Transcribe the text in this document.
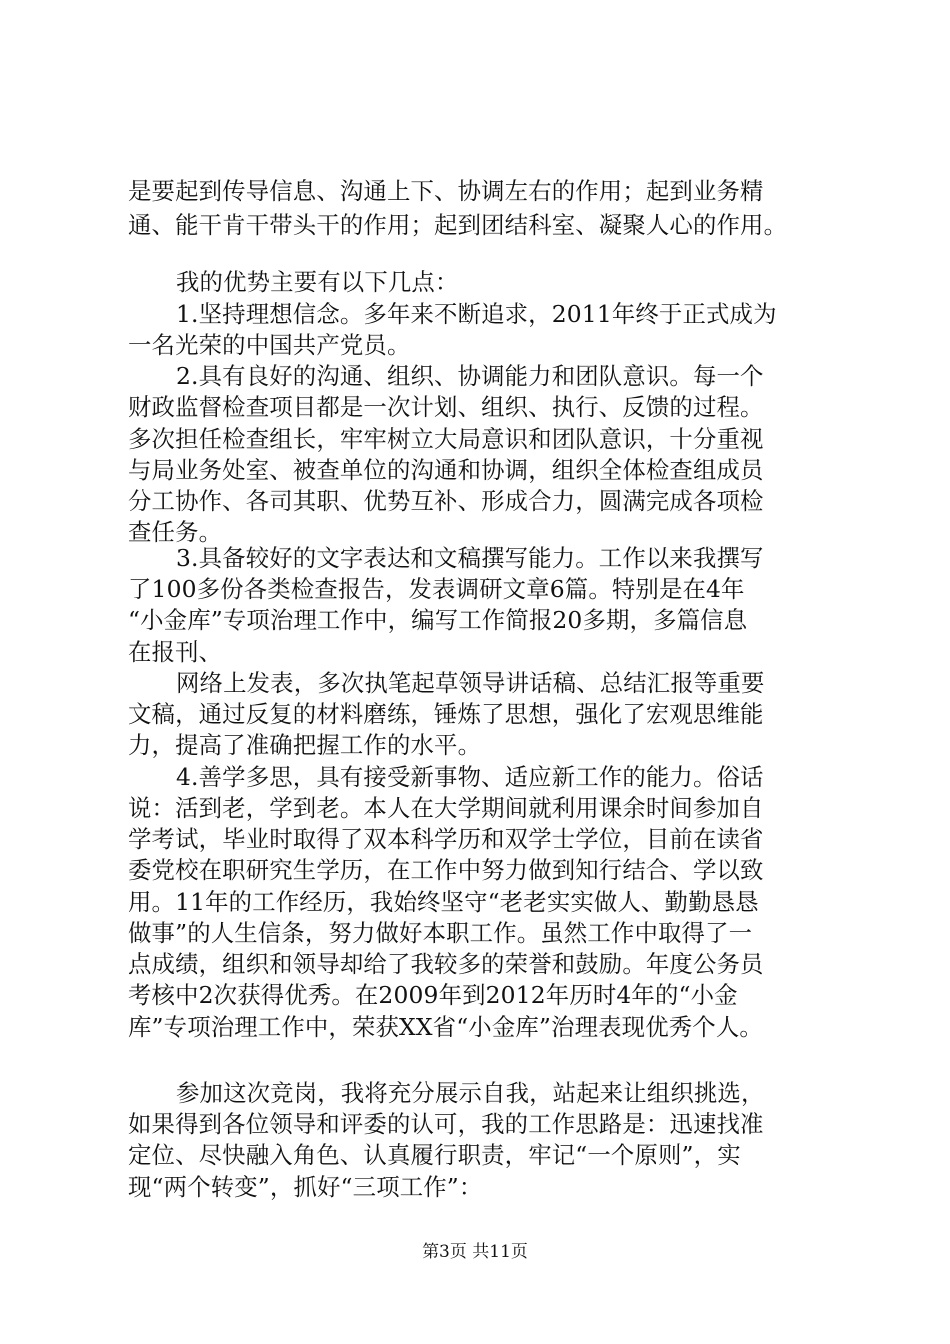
是要起到传导信息、沟通上下、协调左右的作用；起到业务精
通、能干肯干带头干的作用；起到团结科室、凝聚人心的作用。
我的优势主要有以下几点：
1.坚持理想信念。多年来不断追求，2011年终于正式成为
一名光荣的中国共产党员。
2.具有良好的沟通、组织、协调能力和团队意识。每一个
财政监督检查项目都是一次计划、组织、执行、反馈的过程。
多次担任检查组长，牢牢树立大局意识和团队意识，十分重视
与局业务处室、被查单位的沟通和协调，组织全体检查组成员
分工协作、各司其职、优势互补、形成合力，圆满完成各项检
查任务。
3.具备较好的文字表达和文稿撰写能力。工作以来我撰写
了100多份各类检查报告，发表调研文章6篇。特别是在4年
“小金库”专项治理工作中，编写工作简报20多期，多篇信息
在报刊、
网络上发表，多次执笔起草领导讲话稿、总结汇报等重要
文稿，通过反复的材料磨练，锤炼了思想，强化了宏观思维能
力，提高了准确把握工作的水平。
4.善学多思，具有接受新事物、适应新工作的能力。俗话
说：活到老，学到老。本人在大学期间就利用课余时间参加自
学考试，毕业时取得了双本科学历和双学士学位，目前在读省
委党校在职研究生学历，在工作中努力做到知行结合、学以致
用。11年的工作经历，我始终坚守“老老实实做人、勤勤恳恳
做事”的人生信条，努力做好本职工作。虽然工作中取得了一
点成绩，组织和领导却给了我较多的荣誉和鼓励。年度公务员
考核中2次获得优秀。在2009年到2012年历时4年的“小金
库”专项治理工作中，荣获XX省“小金库”治理表现优秀个人。
参加这次竞岗，我将充分展示自我，站起来让组织挑选，
如果得到各位领导和评委的认可，我的工作思路是：迅速找准
定位、尽快融入角色、认真履行职责，牢记“一个原则”，实
现“两个转变”，抓好“三项工作”：
第3页 共11页
